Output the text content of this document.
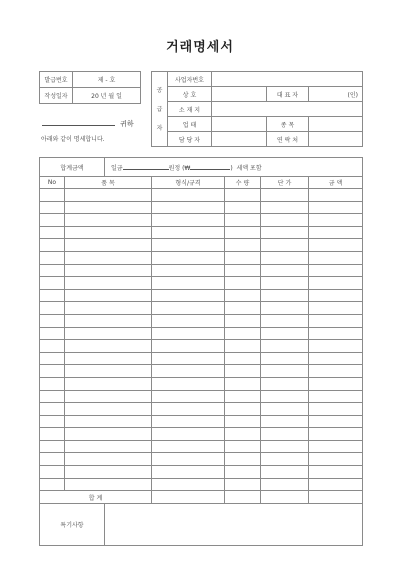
거래명세서
발급번호	제 - 호
작성일자	20 년 월 일
귀하
아래와 같이 명세합니다.
공
급
자	사업자번호			
	상 호		대 표 자	(인)
	소 재 지			
	업 태		종 목	
	담 당 자		연 락 처	
합계금액		일금 원정 (₩ ) 세액 포함				
No	품 목		형식/규격	수 량	단 가	금 액

합 계						
특기사항						
